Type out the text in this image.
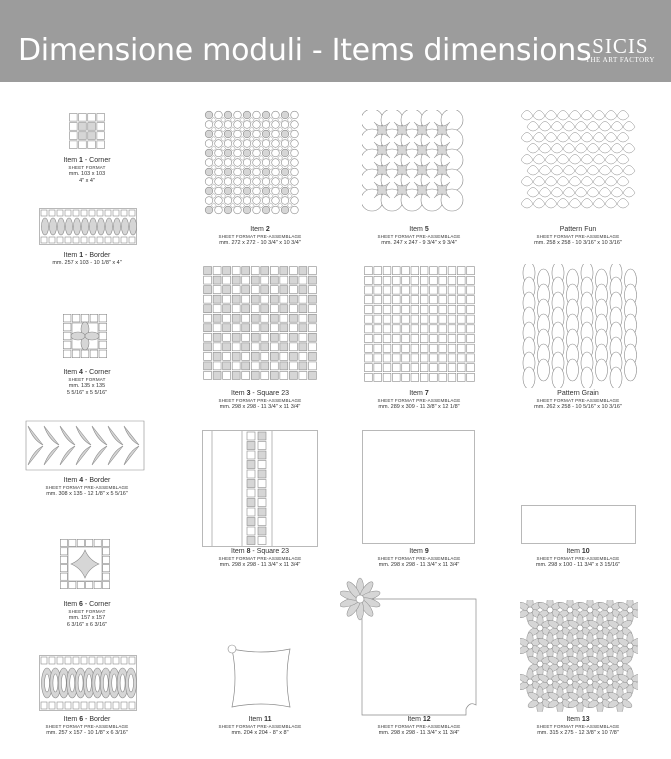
Dimensione moduli - Items dimensions SICIS
THE ART FACTORY
Item 1 - Corner
SHEET FORMAT
mm. 103 x 103
4" x 4"
Item 1 - Border
mm. 257 x 103 - 10 1/8" x 4"
Item 4 - Corner
SHEET FORMAT
mm. 135 x 135
5 5/16" x 5 5/16"
Item 4 - Border
SHEET FORMAT PRE-ASSEMBLAGE
mm. 308 x 135 - 12 1/8" x 5 5/16"
Item 6 - Corner
SHEET FORMAT
mm. 157 x 157
6 3/16" x 6 3/16"
Item 6 - Border
SHEET FORMAT PRE-ASSEMBLAGE
mm. 257 x 157 - 10 1/8" x 6 3/16"
Item 2
SHEET FORMAT PRE-ASSEMBLAGE
mm. 272 x 272 - 10 3/4" x 10 3/4"
Item 3 - Square 23
SHEET FORMAT PRE-ASSEMBLAGE
mm. 298 x 298 - 11 3/4" x 11 3/4"
Item 8 - Square 23
SHEET FORMAT PRE-ASSEMBLAGE
mm. 298 x 298 - 11 3/4" x 11 3/4"
Item 11
SHEET FORMAT PRE-ASSEMBLAGE
mm. 204 x 204 - 8" x 8"
Item 5
SHEET FORMAT PRE-ASSEMBLAGE
mm. 247 x 247 - 9 3/4" x 9 3/4"
Item 7
SHEET FORMAT PRE-ASSEMBLAGE
mm. 289 x 309 - 11 3/8" x 12 1/8"
Item 9
SHEET FORMAT PRE-ASSEMBLAGE
mm. 298 x 298 - 11 3/4" x 11 3/4"
Item 12
SHEET FORMAT PRE-ASSEMBLAGE
mm. 298 x 298 - 11 3/4" x 11 3/4"
Pattern Fun
SHEET FORMAT PRE-ASSEMBLAGE
mm. 258 x 258 - 10 3/16" x 10 3/16"
Pattern Grain
SHEET FORMAT PRE-ASSEMBLAGE
mm. 262 x 258 - 10 5/16" x 10 3/16"
Item 10
SHEET FORMAT PRE-ASSEMBLAGE
mm. 298 x 100 - 11 3/4" x 3 15/16"
Item 13
SHEET FORMAT PRE-ASSEMBLAGE
mm. 315 x 275 - 12 3/8" x 10 7/8"
